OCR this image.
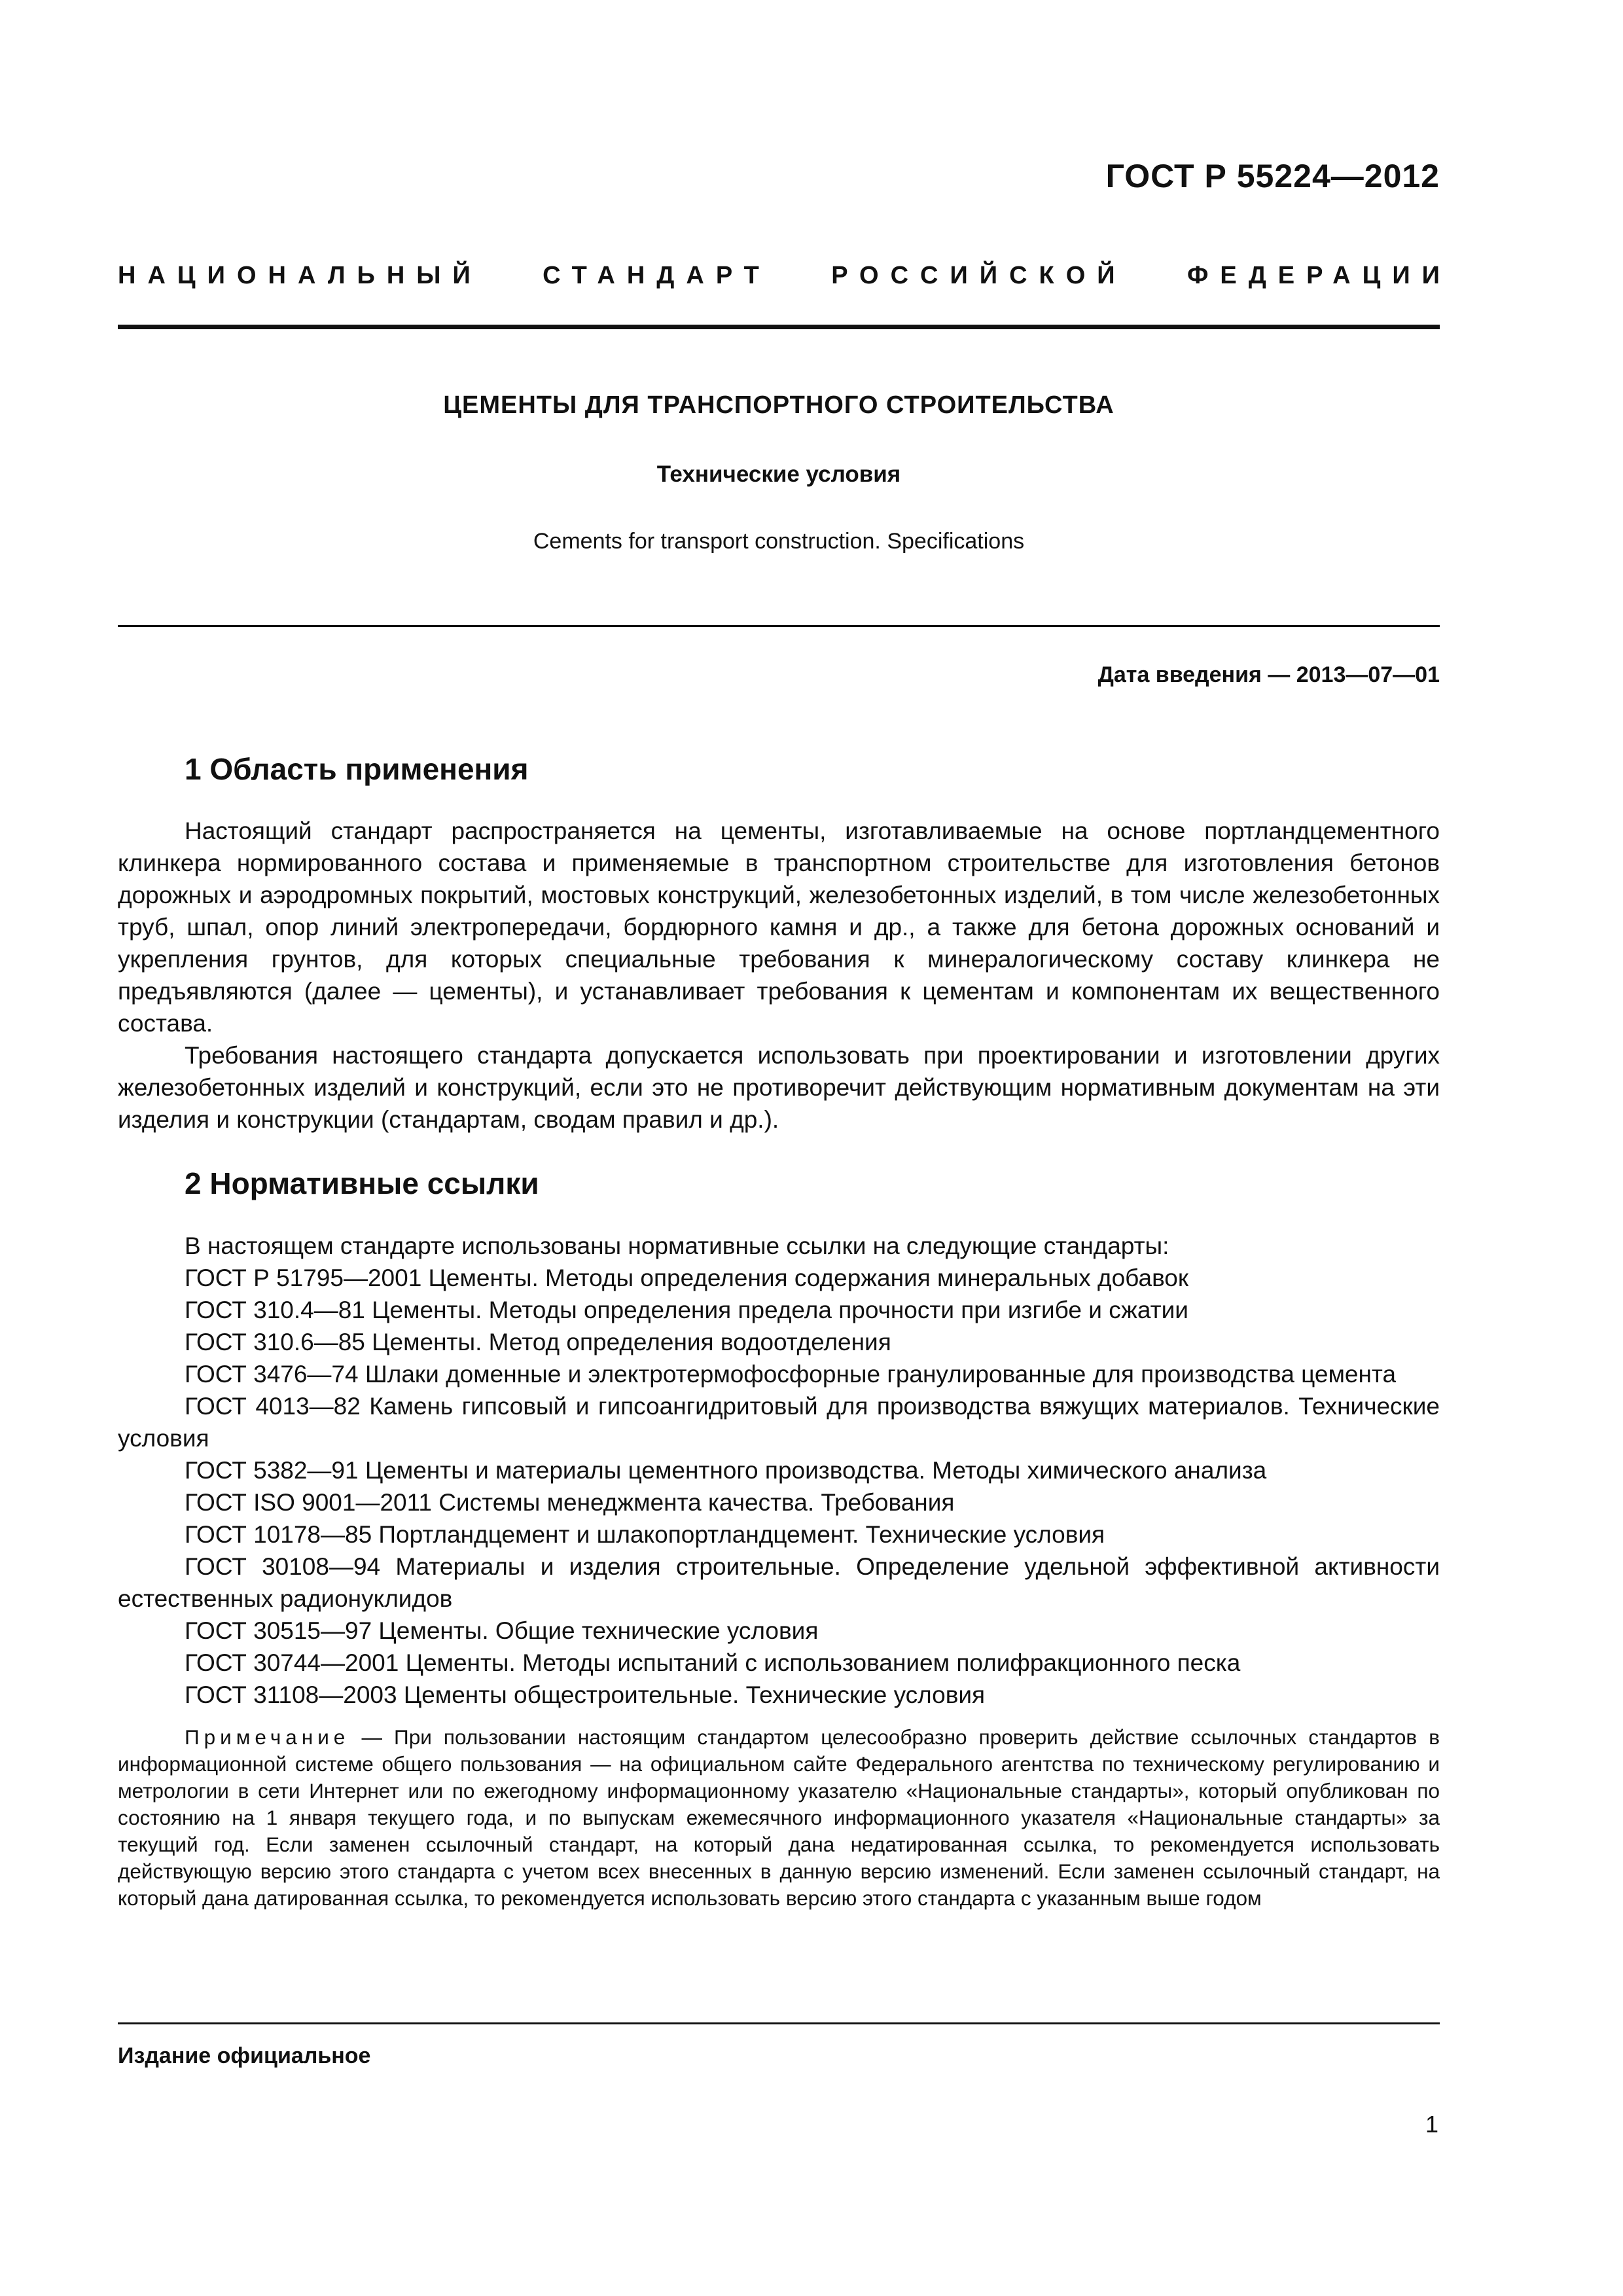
ГОСТ Р 55224—2012
НАЦИОНАЛЬНЫЙ СТАНДАРТ РОССИЙСКОЙ ФЕДЕРАЦИИ
ЦЕМЕНТЫ ДЛЯ ТРАНСПОРТНОГО СТРОИТЕЛЬСТВА
Технические условия
Cements for transport construction. Specifications
Дата введения — 2013—07—01
1 Область применения

Настоящий стандарт распространяется на цементы, изготавливаемые на основе портландцементного клинкера нормированного состава и применяемые в транспортном строительстве для изготовления бетонов дорожных и аэродромных покрытий, мостовых конструкций, железобетонных изделий, в том числе железобетонных труб, шпал, опор линий электропередачи, бордюрного камня и др., а также для бетона дорожных оснований и укрепления грунтов, для которых специальные требования к минералогическому составу клинкера не предъявляются (далее — цементы), и устанавливает требования к цементам и компонентам их вещественного состава.

Требования настоящего стандарта допускается использовать при проектировании и изготовлении других железобетонных изделий и конструкций, если это не противоречит действующим нормативным документам на эти изделия и конструкции (стандартам, сводам правил и др.).

2 Нормативные ссылки

В настоящем стандарте использованы нормативные ссылки на следующие стандарты:

ГОСТ Р 51795—2001 Цементы. Методы определения содержания минеральных добавок

ГОСТ 310.4—81 Цементы. Методы определения предела прочности при изгибе и сжатии

ГОСТ 310.6—85 Цементы. Метод определения водоотделения

ГОСТ 3476—74 Шлаки доменные и электротермофосфорные гранулированные для производства цемента

ГОСТ 4013—82 Камень гипсовый и гипсоангидритовый для производства вяжущих материалов. Технические условия

ГОСТ 5382—91 Цементы и материалы цементного производства. Методы химического анализа

ГОСТ ISO 9001—2011 Системы менеджмента качества. Требования

ГОСТ 10178—85 Портландцемент и шлакопортландцемент. Технические условия

ГОСТ 30108—94 Материалы и изделия строительные. Определение удельной эффективной активности естественных радионуклидов

ГОСТ 30515—97 Цементы. Общие технические условия

ГОСТ 30744—2001 Цементы. Методы испытаний с использованием полифракционного песка

ГОСТ 31108—2003 Цементы общестроительные. Технические условия

Примечание — При пользовании настоящим стандартом целесообразно проверить действие ссылочных стандартов в информационной системе общего пользования — на официальном сайте Федерального агентства по техническому регулированию и метрологии в сети Интернет или по ежегодному информационному указателю «Национальные стандарты», который опубликован по состоянию на 1 января текущего года, и по выпускам ежемесячного информационного указателя «Национальные стандарты» за текущий год. Если заменен ссылочный стандарт, на который дана недатированная ссылка, то рекомендуется использовать действующую версию этого стандарта с учетом всех внесенных в данную версию изменений. Если заменен ссылочный стандарт, на который дана датированная ссылка, то рекомендуется использовать версию этого стандарта с указанным выше годом

Издание официальное
1
